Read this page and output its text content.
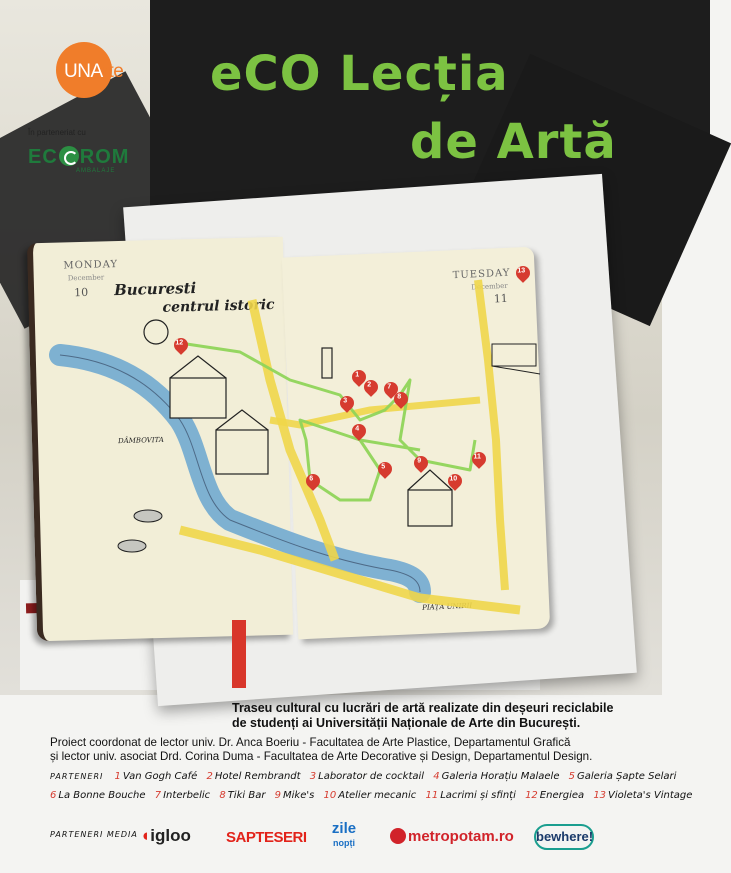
MONDAY
December
10 Bucuresti
centrul istoric
DÂMBOVITA
TUESDAY
December
11
PIAȚA UNIRII
12
1
2
3
4
5
6
7
8
9
10
11
13
UNArte
În parteneriat cu
EC ROM
AMBALAJE
eCO Lecția
de Artă
Traseu cultural cu lucrări de artă realizate din deșeuri reciclabile
de studenți ai Universității Naționale de Arte din București.
Proiect coordonat de lector univ. Dr. Anca Boeriu - Facultatea de Arte Plastice, Departamentul Grafică
și lector univ. asociat Drd. Corina Duma - Facultatea de Arte Decorative și Design, Departamentul Design.
PARTENERI 1 Van Gogh Café 2 Hotel Rembrandt 3 Laborator de cocktail 4 Galeria Horațiu Malaele 5 Galeria Șapte Selari
6 La Bonne Bouche 7 Interbelic 8 Tiki Bar 9 Mike's 10 Atelier mecanic 11 Lacrimi și sfinți 12 Energiea 13 Violeta's Vintage
PARTENERI MEDIA ◖igloo SAPTESERI
zile
nopți	metropotam.ro bewhere!
